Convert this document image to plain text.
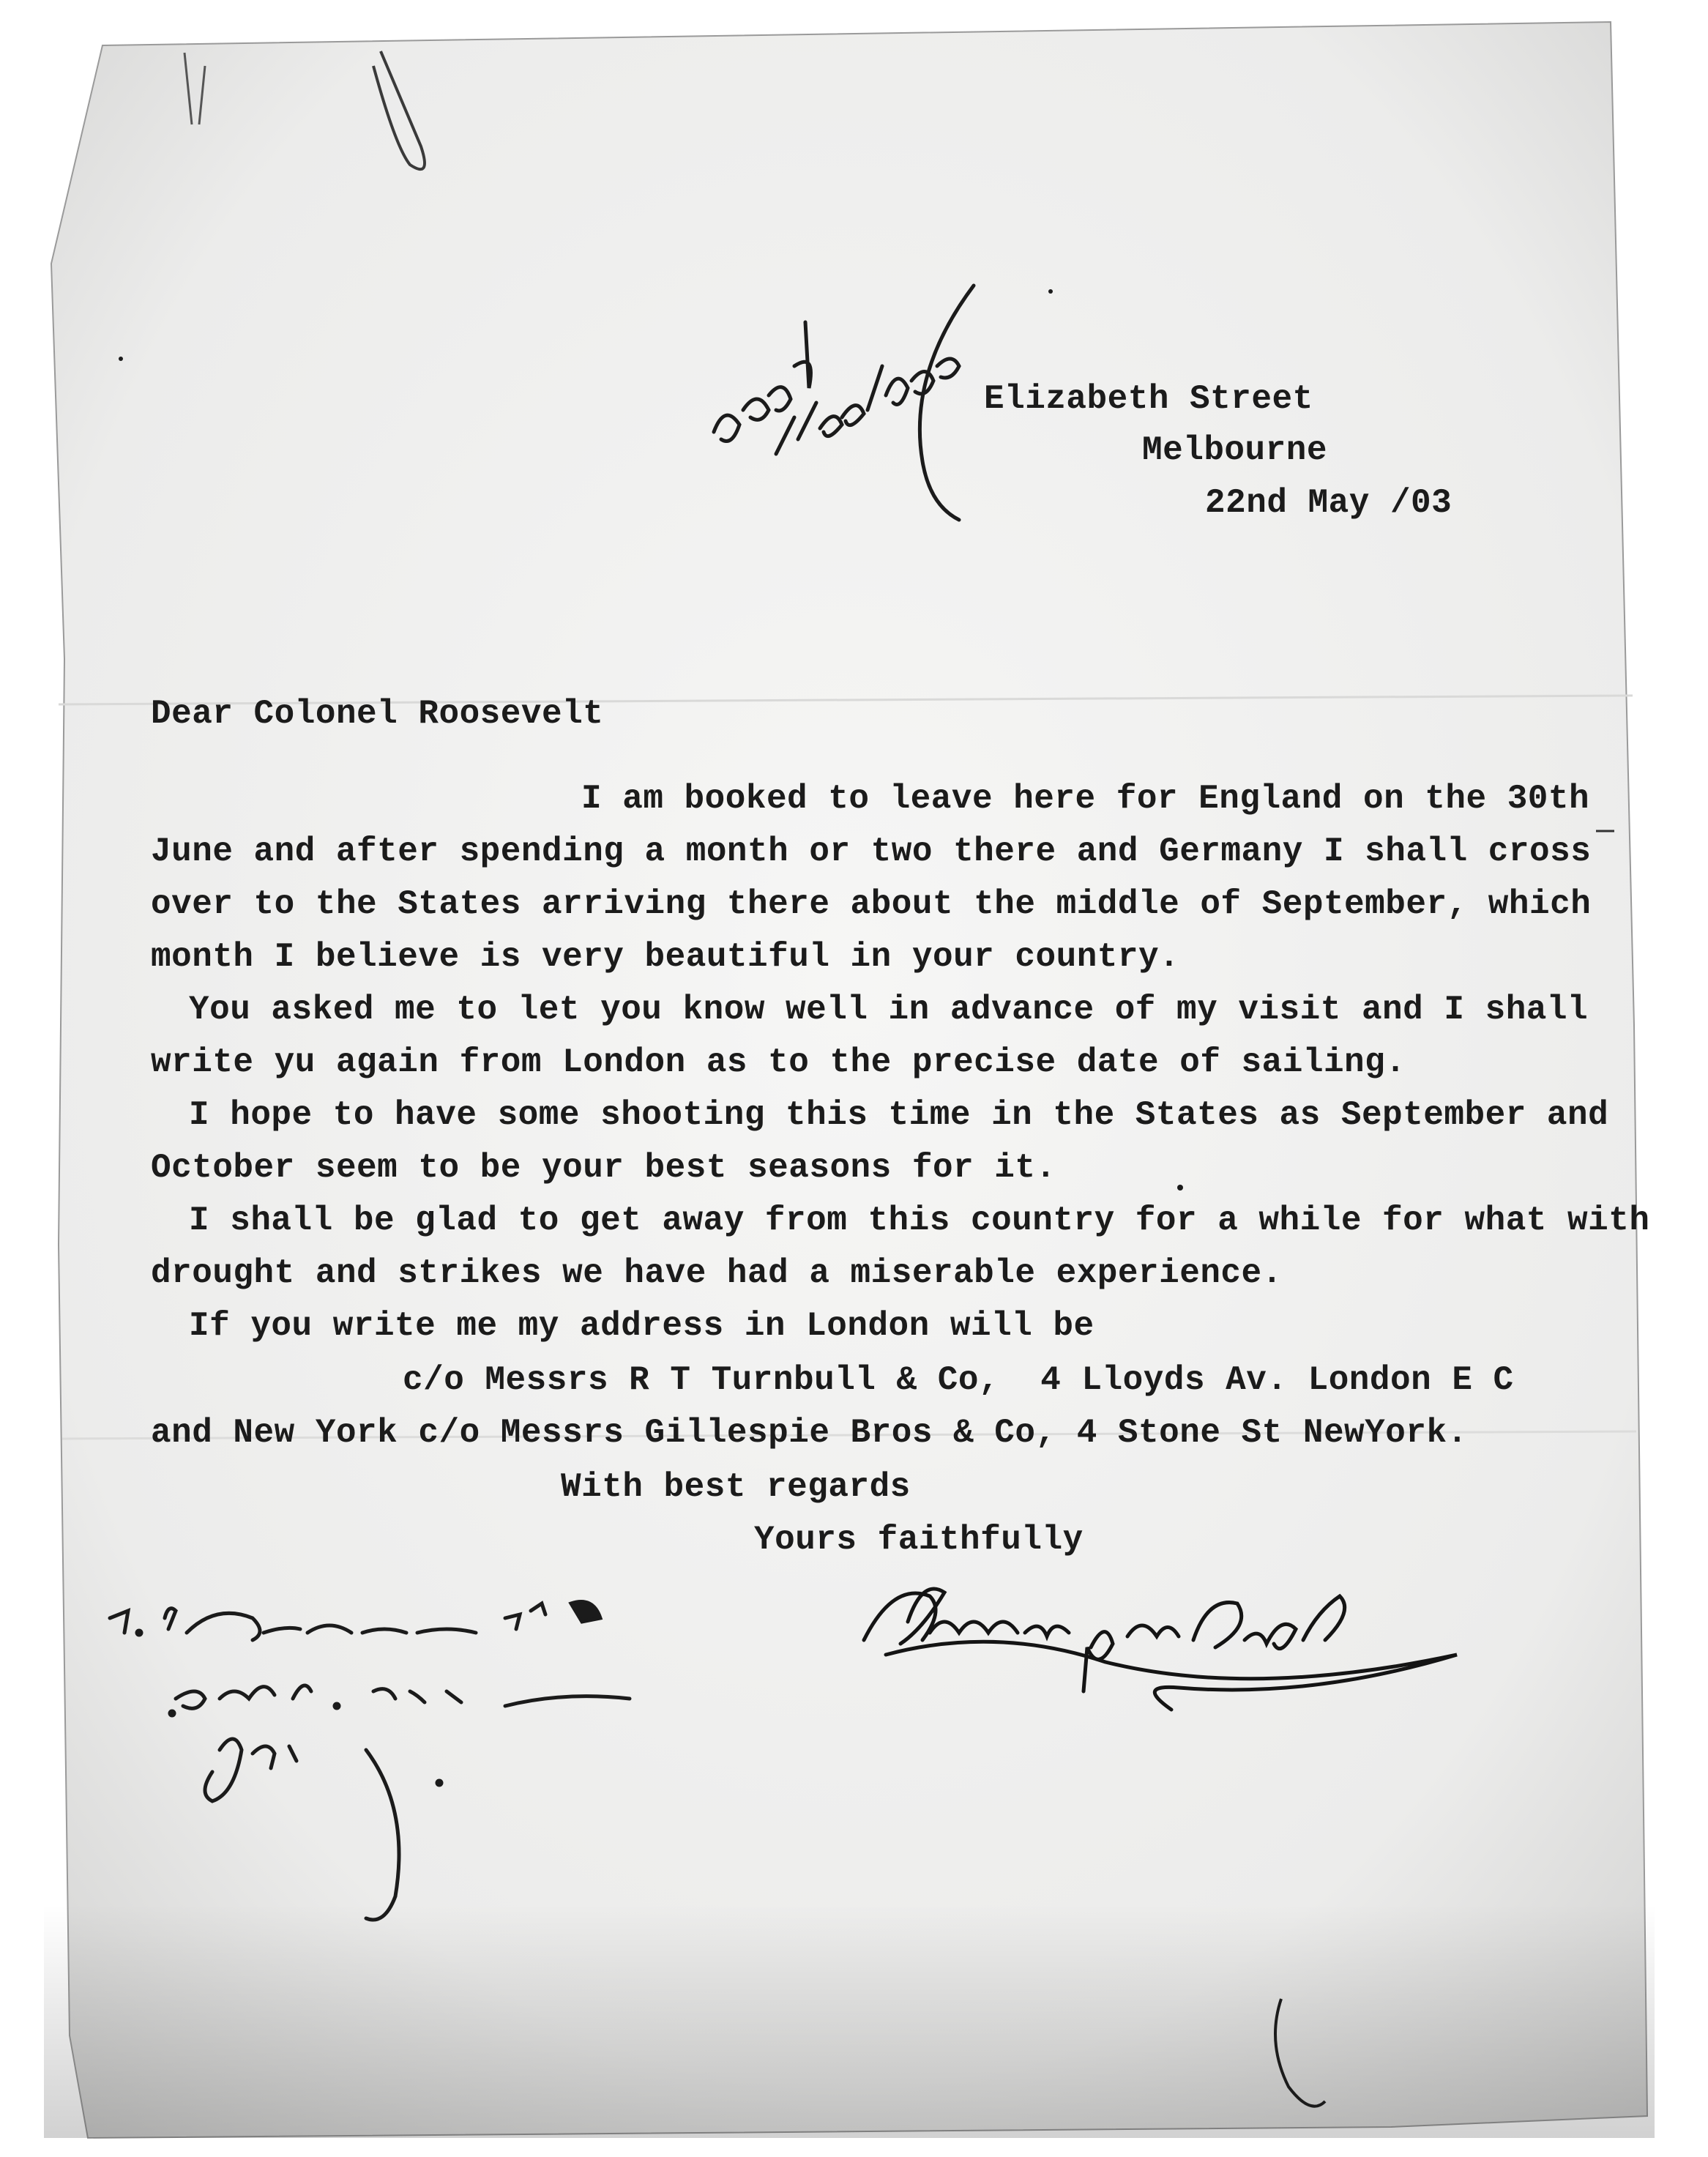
Elizabeth Street
Melbourne
22nd May /03
Dear Colonel Roosevelt
I am booked to leave here for England on the 30th
June and after spending a month or two there and Germany I shall cross
over to the States arriving there about the middle of September, which
month I believe is very beautiful in your country.
You asked me to let you know well in advance of my visit and I shall
write yu again from London as to the precise date of sailing.
I hope to have some shooting this time in the States as September and
October seem to be your best seasons for it.
I shall be glad to get away from this country for a while for what with
drought and strikes we have had a miserable experience.
If you write me my address in London will be
c/o Messrs R T Turnbull & Co,  4 Lloyds Av. London E C
and New York c/o Messrs Gillespie Bros & Co, 4 Stone St NewYork.
With best regards
Yours faithfully
